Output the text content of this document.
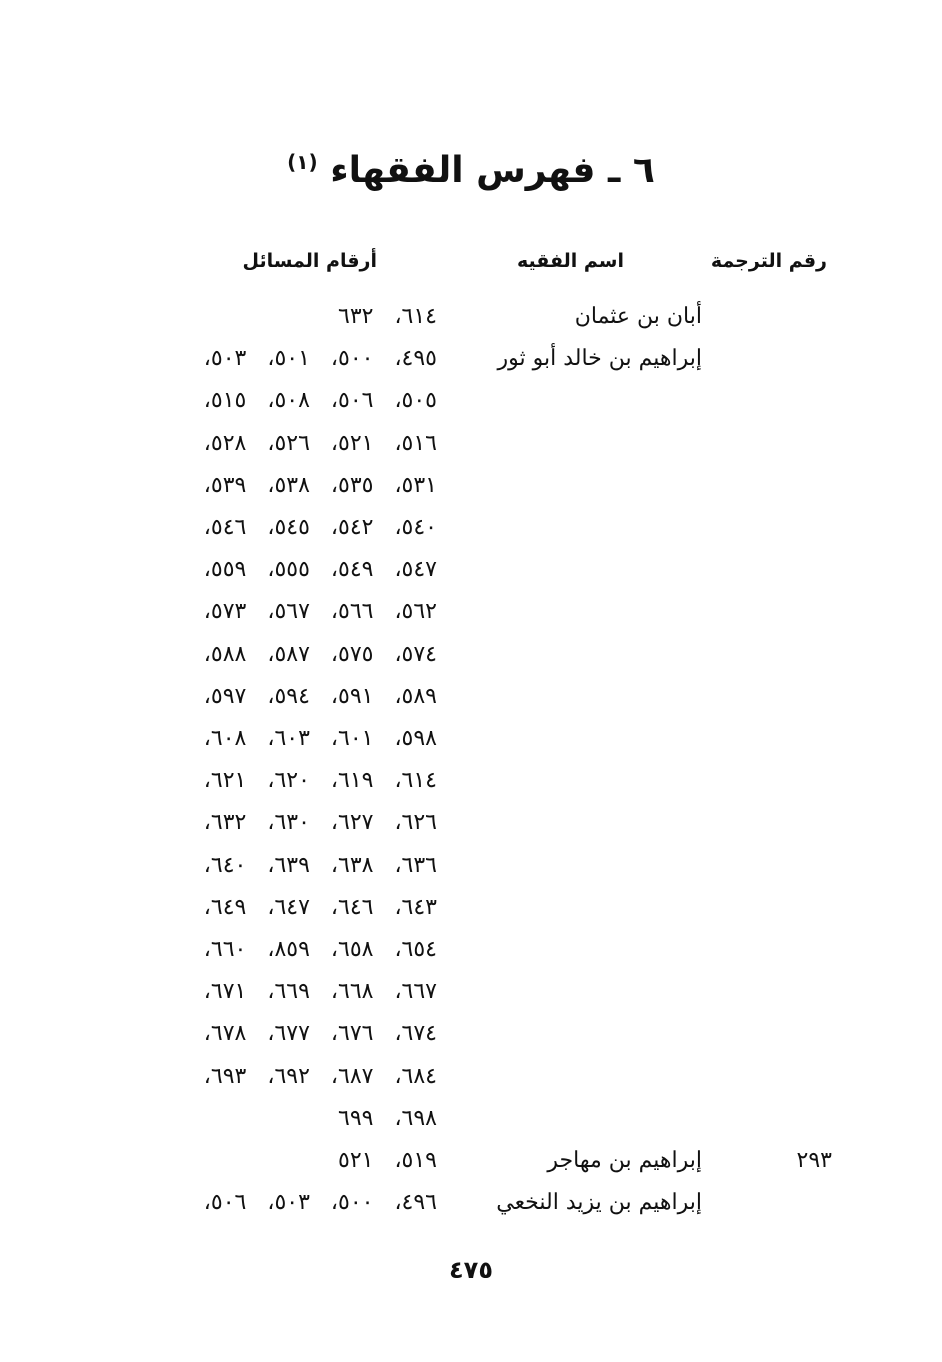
٦ ـ فهرس الفقهاء $^{(١)}$
رقم الترجمة
اسم الفقيه
أرقام المسائل
أبان بن عثمان
٦١٤، ٦٣٢
إبراهيم بن خالد أبو ثور
٤٩٥، ٥٠٠، ٥٠١، ٥٠٣،
٥٠٥، ٥٠٦، ٥٠٨، ٥١٥،
٥١٦، ٥٢١، ٥٢٦، ٥٢٨،
٥٣١، ٥٣٥، ٥٣٨، ٥٣٩،
٥٤٠، ٥٤٢، ٥٤٥، ٥٤٦،
٥٤٧، ٥٤٩، ٥٥٥، ٥٥٩،
٥٦٢، ٥٦٦، ٥٦٧، ٥٧٣،
٥٧٤، ٥٧٥، ٥٨٧، ٥٨٨،
٥٨٩، ٥٩١، ٥٩٤، ٥٩٧،
٥٩٨، ٦٠١، ٦٠٣، ٦٠٨،
٦١٤، ٦١٩، ٦٢٠، ٦٢١،
٦٢٦، ٦٢٧، ٦٣٠، ٦٣٢،
٦٣٦، ٦٣٨، ٦٣٩، ٦٤٠،
٦٤٣، ٦٤٦، ٦٤٧، ٦٤٩،
٦٥٤، ٦٥٨، ٨٥٩، ٦٦٠،
٦٦٧، ٦٦٨، ٦٦٩، ٦٧١،
٦٧٤، ٦٧٦، ٦٧٧، ٦٧٨،
٦٨٤، ٦٨٧، ٦٩٢، ٦٩٣،
٦٩٨، ٦٩٩
٢٩٣
إبراهيم بن مهاجر
٥١٩، ٥٢١
إبراهيم بن يزيد النخعي
٤٩٦، ٥٠٠، ٥٠٣، ٥٠٦،
٤٧٥
